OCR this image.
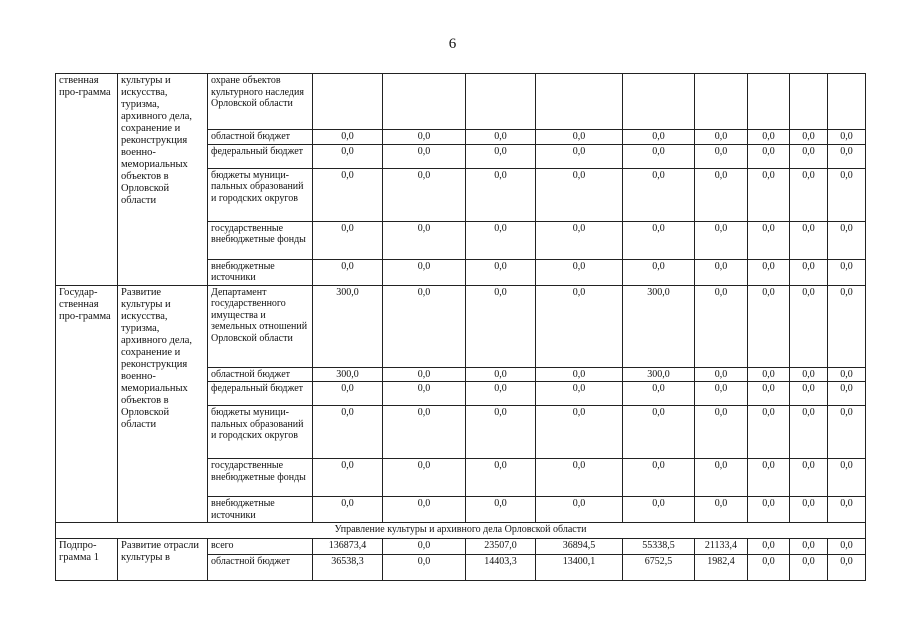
6
ственная про-грамма	культуры и искусства, туризма, архивного дела, сохранение и реконструкция военно-мемориальных объектов в Орловской области	охране объектов культурного наследия Орловской области									
		областной бюджет	0,0	0,0	0,0	0,0	0,0	0,0	0,0	0,0	0,0
		федеральный бюджет	0,0	0,0	0,0	0,0	0,0	0,0	0,0	0,0	0,0
		бюджеты муници-пальных образований и городских округов	0,0	0,0	0,0	0,0	0,0	0,0	0,0	0,0	0,0
		государственные внебюджетные фонды	0,0	0,0	0,0	0,0	0,0	0,0	0,0	0,0	0,0
		внебюджетные источники	0,0	0,0	0,0	0,0	0,0	0,0	0,0	0,0	0,0
Государ-ственная про-грамма	Развитие культуры и искусства, туризма, архивного дела, сохранение и реконструкция военно-мемориальных объектов в Орловской области	Департамент государственного имущества и земельных отношений Орловской области	300,0	0,0	0,0	0,0	300,0	0,0	0,0	0,0	0,0
		областной бюджет	300,0	0,0	0,0	0,0	300,0	0,0	0,0	0,0	0,0
		федеральный бюджет	0,0	0,0	0,0	0,0	0,0	0,0	0,0	0,0	0,0
		бюджеты муници-пальных образований и городских округов	0,0	0,0	0,0	0,0	0,0	0,0	0,0	0,0	0,0
		государственные внебюджетные фонды	0,0	0,0	0,0	0,0	0,0	0,0	0,0	0,0	0,0
		внебюджетные источники	0,0	0,0	0,0	0,0	0,0	0,0	0,0	0,0	0,0
Управление культуры и архивного дела Орловской области											
Подпро-грамма 1	Развитие отрасли культуры в	всего	136873,4	0,0	23507,0	36894,5	55338,5	21133,4	0,0	0,0	0,0
		областной бюджет	36538,3	0,0	14403,3	13400,1	6752,5	1982,4	0,0	0,0	0,0
